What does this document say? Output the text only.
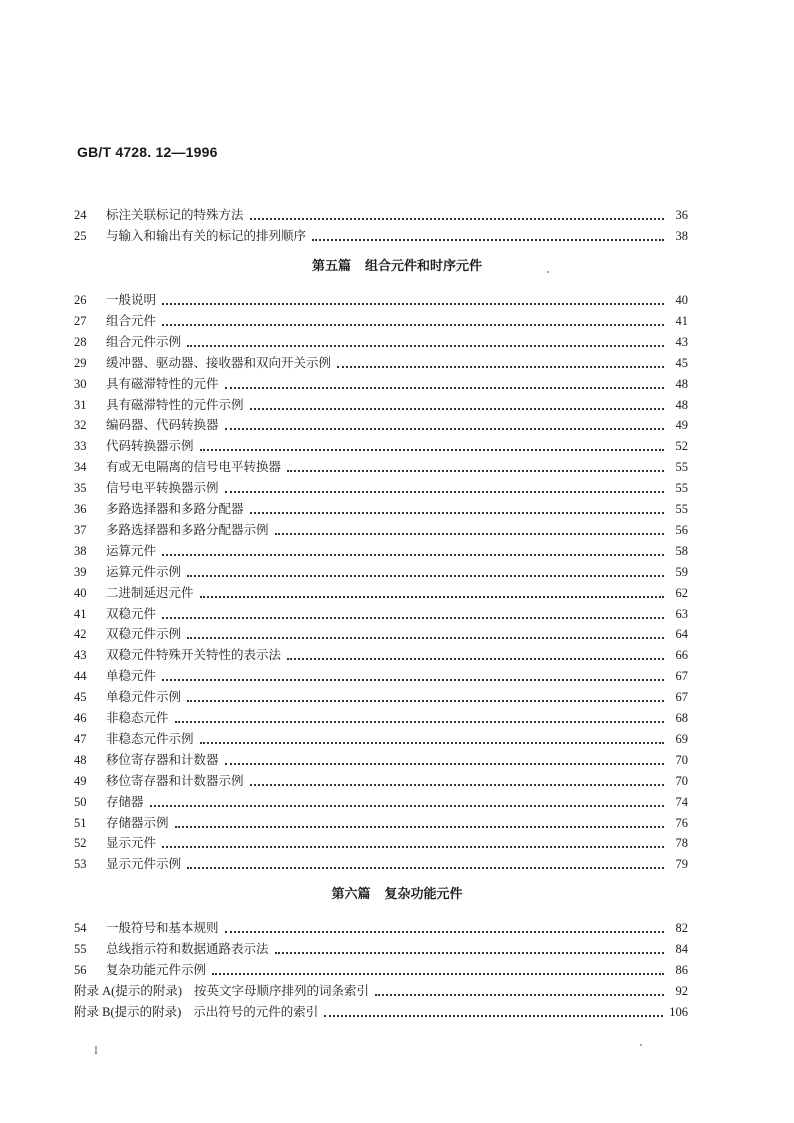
GB/T 4728. 12—1996
24	标注关联标记的特殊方法	36
25	与输入和输出有关的标记的排列顺序	38
第五篇 组合元件和时序元件
26	一般说明	40
27	组合元件	41
28	组合元件示例	43
29	缓冲器、驱动器、接收器和双向开关示例	45
30	具有磁滞特性的元件	48
31	具有磁滞特性的元件示例	48
32	编码器、代码转换器	49
33	代码转换器示例	52
34	有或无电隔离的信号电平转换器	55
35	信号电平转换器示例	55
36	多路选择器和多路分配器	55
37	多路选择器和多路分配器示例	56
38	运算元件	58
39	运算元件示例	59
40	二进制延迟元件	62
41	双稳元件	63
42	双稳元件示例	64
43	双稳元件特殊开关特性的表示法	66
44	单稳元件	67
45	单稳元件示例	67
46	非稳态元件	68
47	非稳态元件示例	69
48	移位寄存器和计数器	70
49	移位寄存器和计数器示例	70
50	存储器	74
51	存储器示例	76
52	显示元件	78
53	显示元件示例	79
第六篇 复杂功能元件
54	一般符号和基本规则	82
55	总线指示符和数据通路表示法	84
56	复杂功能元件示例	86
附录 A(提示的附录) 按英文字母顺序排列的词条索引	92
附录 B(提示的附录) 示出符号的元件的索引	106
I
